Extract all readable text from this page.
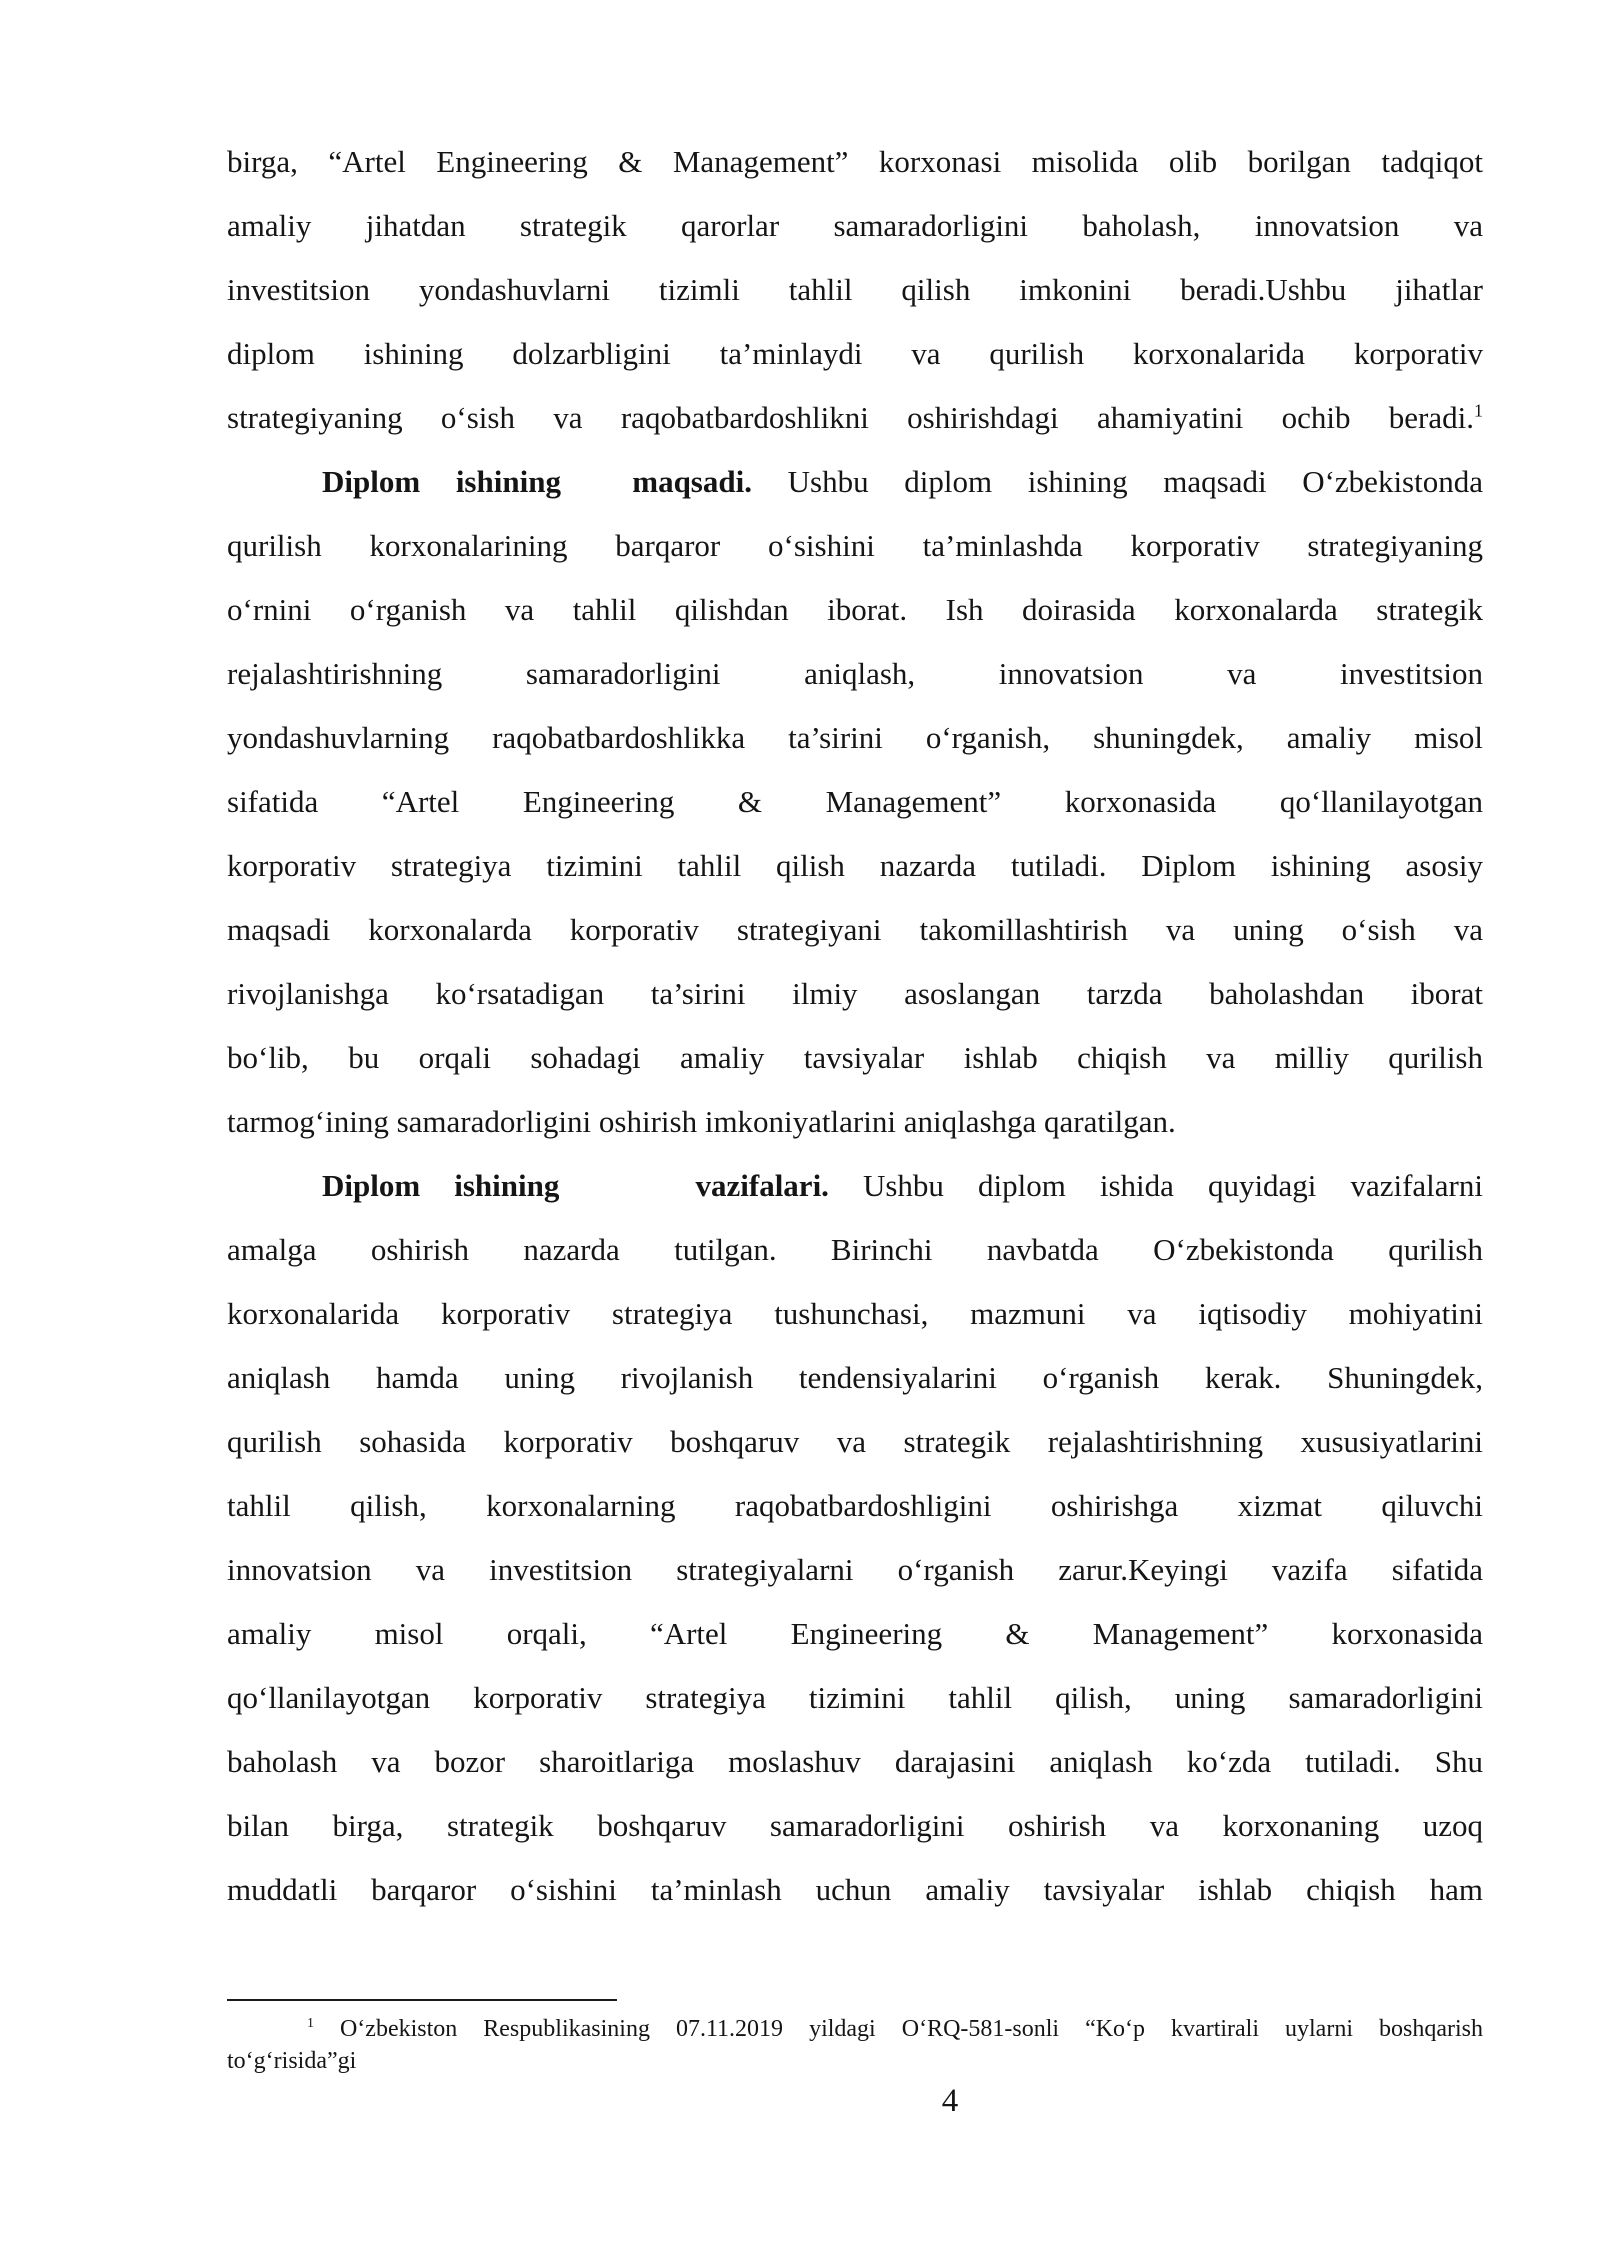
birga, “Artel Engineering & Management” korxonasi misolida olib borilgan tadqiqot
amaliy jihatdan strategik qarorlar samaradorligini baholash, innovatsion va
investitsion yondashuvlarni tizimli tahlil qilish imkonini beradi.Ushbu jihatlar
diplom ishining dolzarbligini ta’minlaydi va qurilish korxonalarida korporativ
strategiyaning o‘sish va raqobatbardoshlikni oshirishdagi ahamiyatini ochib beradi.$^1$
Diplom ishining  maqsadi. Ushbu diplom ishining maqsadi O‘zbekistonda
qurilish korxonalarining barqaror o‘sishini ta’minlashda korporativ strategiyaning
o‘rnini o‘rganish va tahlil qilishdan iborat. Ish doirasida korxonalarda strategik
rejalashtirishning samaradorligini aniqlash, innovatsion va investitsion
yondashuvlarning raqobatbardoshlikka ta’sirini o‘rganish, shuningdek, amaliy misol
sifatida “Artel Engineering & Management” korxonasida qo‘llanilayotgan
korporativ strategiya tizimini tahlil qilish nazarda tutiladi. Diplom ishining asosiy
maqsadi korxonalarda korporativ strategiyani takomillashtirish va uning o‘sish va
rivojlanishga ko‘rsatadigan ta’sirini ilmiy asoslangan tarzda baholashdan iborat
bo‘lib, bu orqali sohadagi amaliy tavsiyalar ishlab chiqish va milliy qurilish
tarmog‘ining samaradorligini oshirish imkoniyatlarini aniqlashga qaratilgan.
Diplom ishining    vazifalari. Ushbu diplom ishida quyidagi vazifalarni
amalga oshirish nazarda tutilgan. Birinchi navbatda O‘zbekistonda qurilish
korxonalarida korporativ strategiya tushunchasi, mazmuni va iqtisodiy mohiyatini
aniqlash hamda uning rivojlanish tendensiyalarini o‘rganish kerak. Shuningdek,
qurilish sohasida korporativ boshqaruv va strategik rejalashtirishning xususiyatlarini
tahlil qilish, korxonalarning raqobatbardoshligini oshirishga xizmat qiluvchi
innovatsion va investitsion strategiyalarni o‘rganish zarur.Keyingi vazifa sifatida
amaliy misol orqali, “Artel Engineering & Management” korxonasida
qo‘llanilayotgan korporativ strategiya tizimini tahlil qilish, uning samaradorligini
baholash va bozor sharoitlariga moslashuv darajasini aniqlash ko‘zda tutiladi. Shu
bilan birga, strategik boshqaruv samaradorligini oshirish va korxonaning uzoq
muddatli barqaror o‘sishini ta’minlash uchun amaliy tavsiyalar ishlab chiqish ham
$^1$ O‘zbekiston Respublikasining 07.11.2019 yildagi O‘RQ-581-sonli “Ko‘p kvartirali uylarni boshqarish
to‘g‘risida”gi
4
